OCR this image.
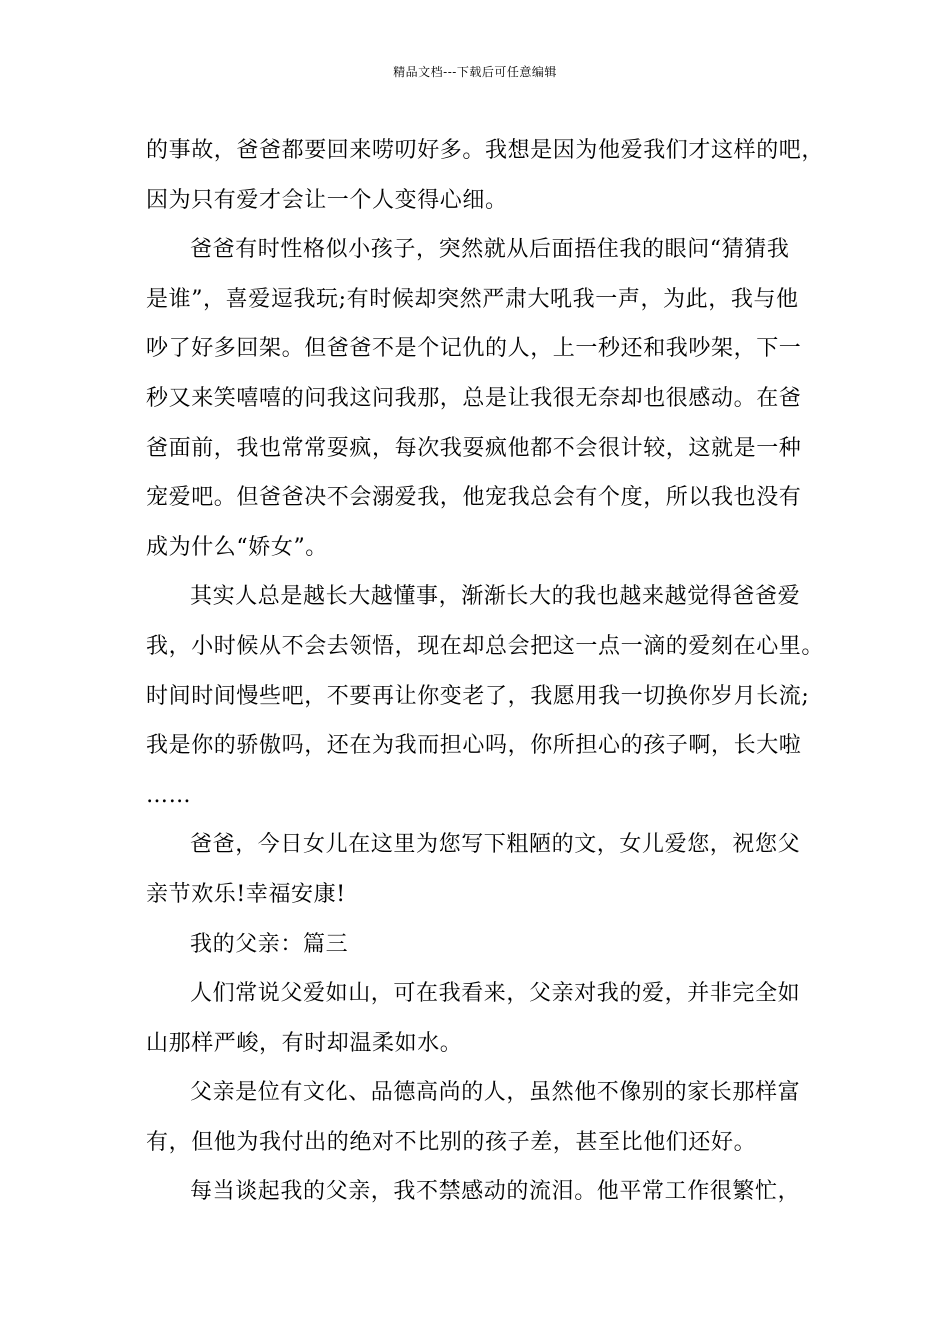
精品文档---下载后可任意编辑
的事故，爸爸都要回来唠叨好多。我想是因为他爱我们才这样的吧，
因为只有爱才会让一个人变得心细。
爸爸有时性格似小孩子，突然就从后面捂住我的眼问“猜猜我
是谁”，喜爱逗我玩;有时候却突然严肃大吼我一声，为此，我与他
吵了好多回架。但爸爸不是个记仇的人，上一秒还和我吵架，下一
秒又来笑嘻嘻的问我这问我那，总是让我很无奈却也很感动。在爸
爸面前，我也常常耍疯，每次我耍疯他都不会很计较，这就是一种
宠爱吧。但爸爸决不会溺爱我，他宠我总会有个度，所以我也没有
成为什么“娇女”。
其实人总是越长大越懂事，渐渐长大的我也越来越觉得爸爸爱
我，小时候从不会去领悟，现在却总会把这一点一滴的爱刻在心里。
时间时间慢些吧，不要再让你变老了，我愿用我一切换你岁月长流;
我是你的骄傲吗，还在为我而担心吗，你所担心的孩子啊，长大啦
……
爸爸，今日女儿在这里为您写下粗陋的文，女儿爱您，祝您父
亲节欢乐!幸福安康!
我的父亲：篇三
人们常说父爱如山，可在我看来，父亲对我的爱，并非完全如
山那样严峻，有时却温柔如水。
父亲是位有文化、品德高尚的人，虽然他不像别的家长那样富
有，但他为我付出的绝对不比别的孩子差，甚至比他们还好。
每当谈起我的父亲，我不禁感动的流泪。他平常工作很繁忙，
